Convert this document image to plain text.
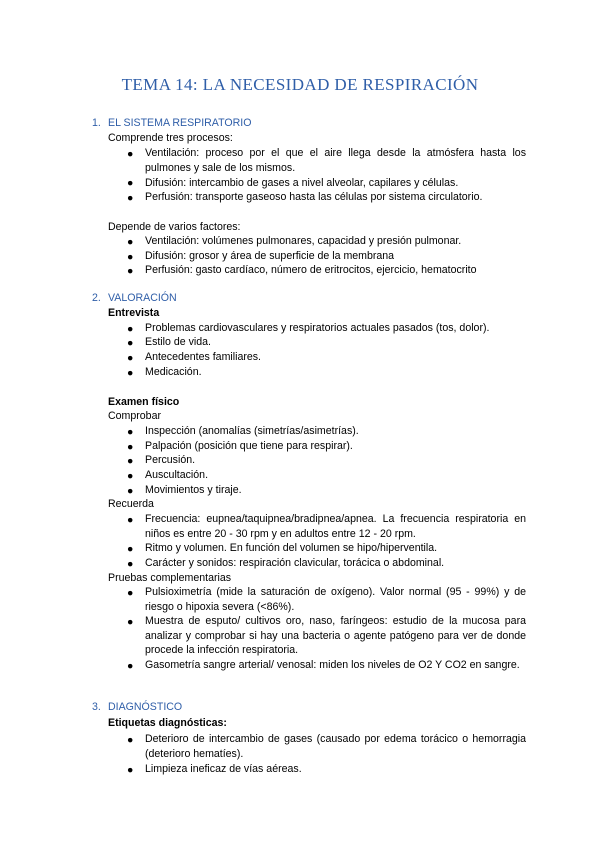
TEMA 14: LA NECESIDAD DE RESPIRACIÓN
1. EL SISTEMA RESPIRATORIO
Comprende tres procesos:
● Ventilación: proceso por el que el aire llega desde la atmósfera hasta los pulmones y sale de los mismos.
● Difusión: intercambio de gases a nivel alveolar, capilares y células.
● Perfusión: transporte gaseoso hasta las células por sistema circulatorio.
Depende de varios factores:
● Ventilación: volúmenes pulmonares, capacidad y presión pulmonar.
● Difusión: grosor y área de superficie de la membrana
● Perfusión: gasto cardíaco, número de eritrocitos, ejercicio, hematocrito
2. VALORACIÓN
Entrevista
● Problemas cardiovasculares y respiratorios actuales pasados (tos, dolor).
● Estilo de vida.
● Antecedentes familiares.
● Medicación.
Examen físico
Comprobar
● Inspección (anomalías (simetrías/asimetrías).
● Palpación (posición que tiene para respirar).
● Percusión.
● Auscultación.
● Movimientos y tiraje.
Recuerda
● Frecuencia: eupnea/taquipnea/bradipnea/apnea. La frecuencia respiratoria en niños es entre 20 - 30 rpm y en adultos entre 12 - 20 rpm.
● Ritmo y volumen. En función del volumen se hipo/hiperventila.
● Carácter y sonidos: respiración clavicular, torácica o abdominal.
Pruebas complementarias
● Pulsioximetría (mide la saturación de oxígeno). Valor normal (95 - 99%) y de riesgo o hipoxia severa (<86%).
● Muestra de esputo/ cultivos oro, naso, faríngeos: estudio de la mucosa para analizar y comprobar si hay una bacteria o agente patógeno para ver de donde procede la infección respiratoria.
● Gasometría sangre arterial/ venosal: miden los niveles de O2 Y CO2 en sangre.
3. DIAGNÓSTICO
Etiquetas diagnósticas:
● Deterioro de intercambio de gases (causado por edema torácico o hemorragia (deterioro hematíes).
● Limpieza ineficaz de vías aéreas.
